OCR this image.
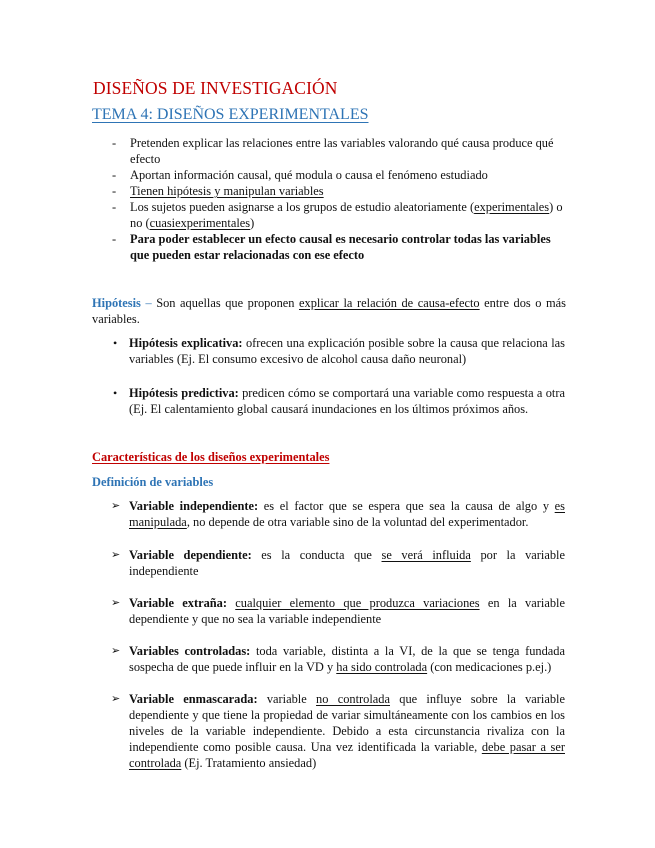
DISEÑOS DE INVESTIGACIÓN
TEMA 4: DISEÑOS EXPERIMENTALES
- Pretenden explicar las relaciones entre las variables valorando qué causa produce qué efecto
- Aportan información causal, qué modula o causa el fenómeno estudiado
- Tienen hipótesis y manipulan variables
- Los sujetos pueden asignarse a los grupos de estudio aleatoriamente (experimentales) o no (cuasiexperimentales)
- Para poder establecer un efecto causal es necesario controlar todas las variables que pueden estar relacionadas con ese efecto
Hipótesis – Son aquellas que proponen explicar la relación de causa-efecto entre dos o más variables.
• Hipótesis explicativa: ofrecen una explicación posible sobre la causa que relaciona las variables (Ej. El consumo excesivo de alcohol causa daño neuronal)
• Hipótesis predictiva: predicen cómo se comportará una variable como respuesta a otra (Ej. El calentamiento global causará inundaciones en los últimos próximos años.
Características de los diseños experimentales
Definición de variables
➢ Variable independiente: es el factor que se espera que sea la causa de algo y es manipulada, no depende de otra variable sino de la voluntad del experimentador.
➢ Variable dependiente: es la conducta que se verá influida por la variable independiente
➢ Variable extraña: cualquier elemento que produzca variaciones en la variable dependiente y que no sea la variable independiente
➢ Variables controladas: toda variable, distinta a la VI, de la que se tenga fundada sospecha de que puede influir en la VD y ha sido controlada (con medicaciones p.ej.)
➢ Variable enmascarada: variable no controlada que influye sobre la variable dependiente y que tiene la propiedad de variar simultáneamente con los cambios en los niveles de la variable independiente. Debido a esta circunstancia rivaliza con la independiente como posible causa. Una vez identificada la variable, debe pasar a ser controlada (Ej. Tratamiento ansiedad)
